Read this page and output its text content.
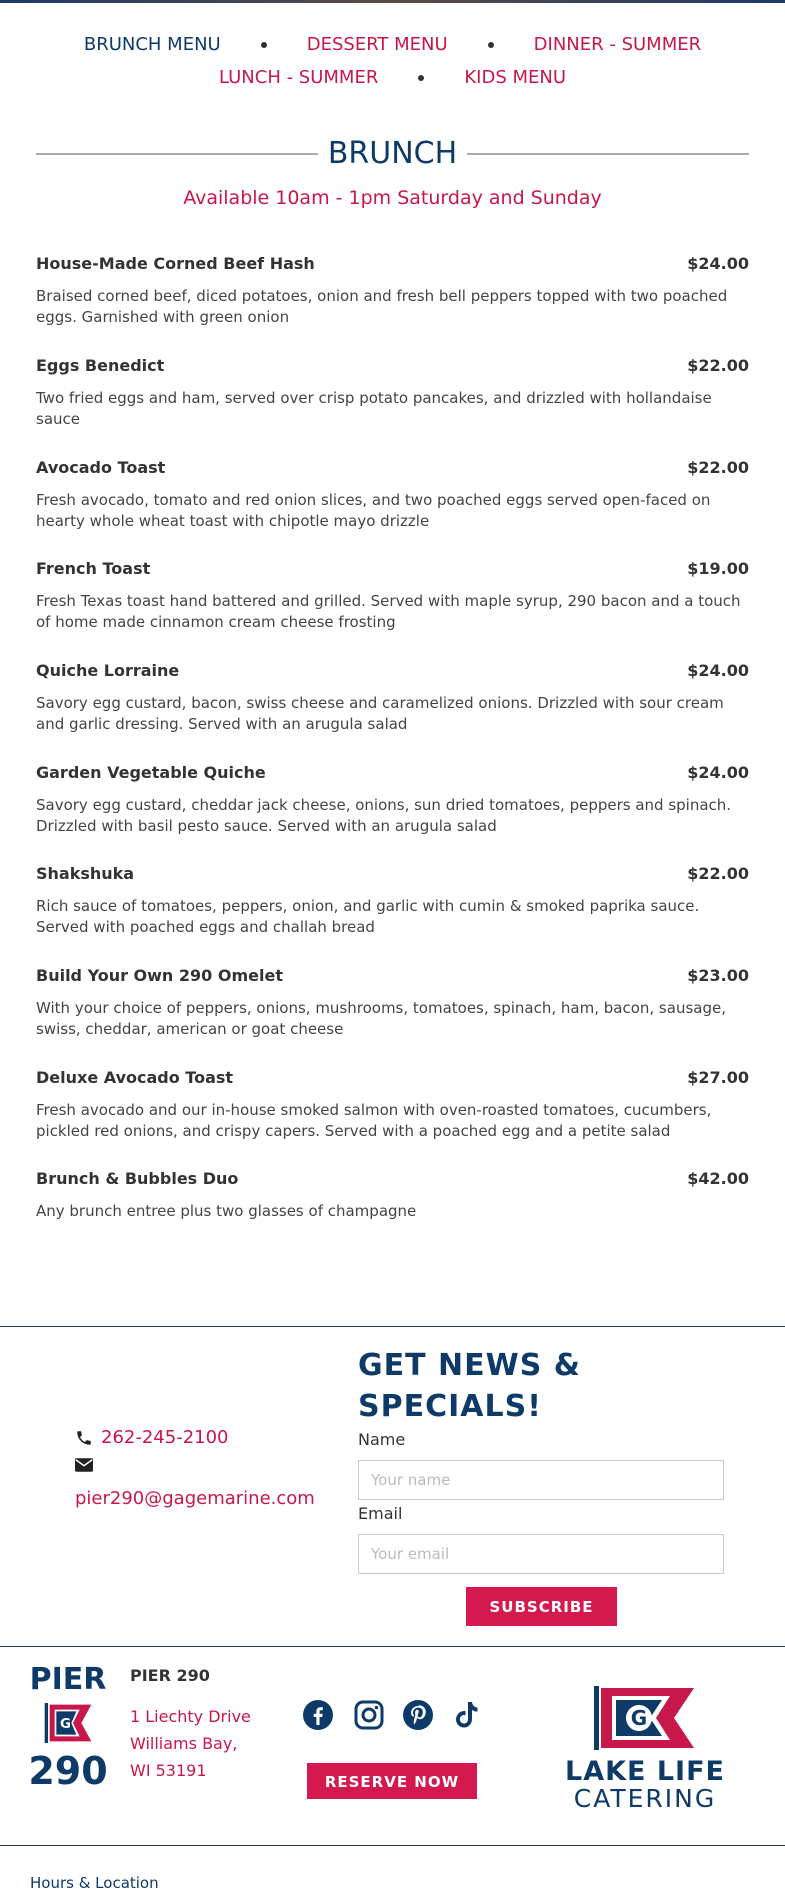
BRUNCH MENU	DESSERT MENU	DINNER - SUMMER
LUNCH - SUMMER	KIDS MENU
BRUNCH
Available 10am - 1pm Saturday and Sunday
House-Made Corned Beef Hash	$24.00
Braised corned beef, diced potatoes, onion and fresh bell peppers topped with two poached eggs. Garnished with green onion
Eggs Benedict	$22.00
Two fried eggs and ham, served over crisp potato pancakes, and drizzled with hollandaise sauce
Avocado Toast	$22.00
Fresh avocado, tomato and red onion slices, and two poached eggs served open-faced on hearty whole wheat toast with chipotle mayo drizzle
French Toast	$19.00
Fresh Texas toast hand battered and grilled. Served with maple syrup, 290 bacon and a touch of home made cinnamon cream cheese frosting
Quiche Lorraine	$24.00
Savory egg custard, bacon, swiss cheese and caramelized onions. Drizzled with sour cream and garlic dressing. Served with an arugula salad
Garden Vegetable Quiche	$24.00
Savory egg custard, cheddar jack cheese, onions, sun dried tomatoes, peppers and spinach. Drizzled with basil pesto sauce. Served with an arugula salad
Shakshuka	$22.00
Rich sauce of tomatoes, peppers, onion, and garlic with cumin & smoked paprika sauce. Served with poached eggs and challah bread
Build Your Own 290 Omelet	$23.00
With your choice of peppers, onions, mushrooms, tomatoes, spinach, ham, bacon, sausage, swiss, cheddar, american or goat cheese
Deluxe Avocado Toast	$27.00
Fresh avocado and our in-house smoked salmon with oven-roasted tomatoes, cucumbers, pickled red onions, and crispy capers. Served with a poached egg and a petite salad
Brunch & Bubbles Duo	$42.00
Any brunch entree plus two glasses of champagne
262-245-2100
pier290@gagemarine.com
GET NEWS &
SPECIALS!
Name
Your name
Email
Your email
SUBSCRIBE
PIER
G
290
PIER 290
1 Liechty Drive
Williams Bay,
WI 53191
RESERVE NOW
G
LAKE LIFE
CATERING
Hours & Location
